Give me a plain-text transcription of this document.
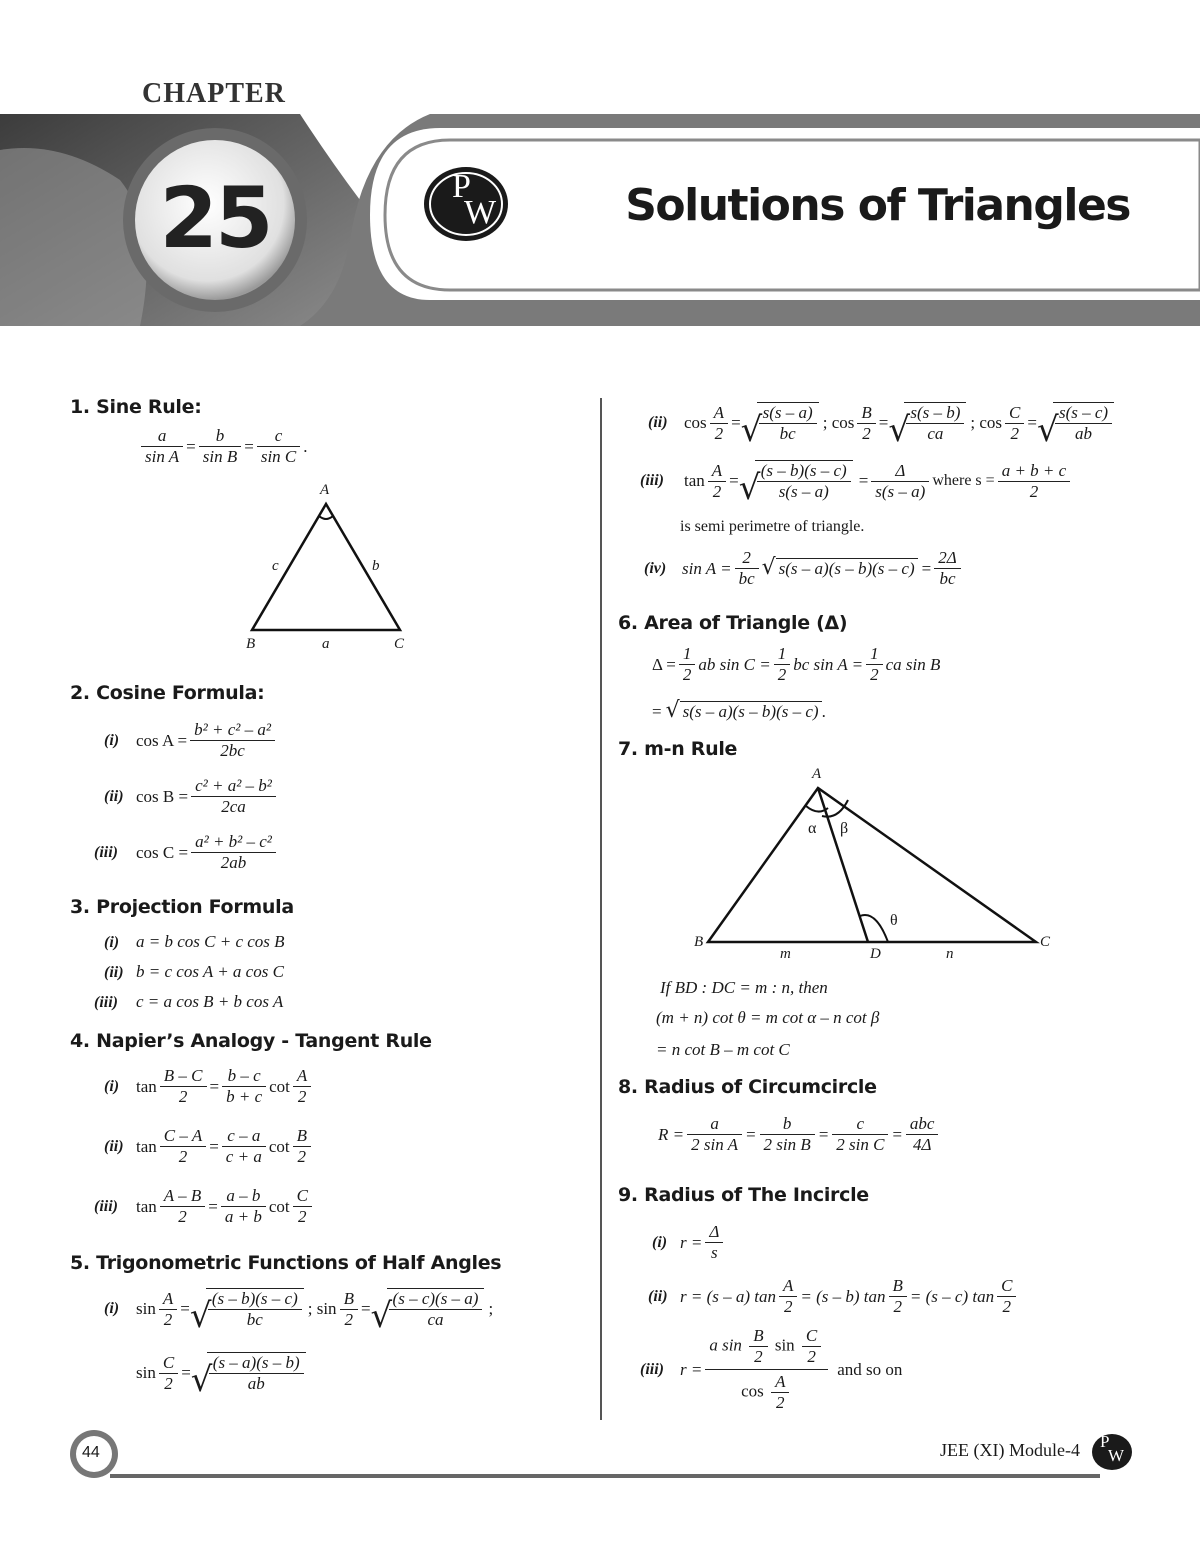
CHAPTER
25	P
W	Solutions of Triangles
1. Sine Rule:
$\frac{a}{\text{sin A}} = \frac{b}{\text{sin B}} = \frac{c}{\text{sin C}}$ .
A
B	C
a
b
c
2. Cosine Formula:
(i) $\cos A = \frac{\text{b² + c² – a²}}{2bc}$
(ii) $\cos B = \frac{\text{c² + a² – b²}}{2ca}$
(iii)	$\cos C = \frac{\text{a² + b² – c²}}{2ab}$
3. Projection Formula
(i) a = b cos C + c cos B
(ii) b = c cos A + a cos C
(iii) c = a cos B + b cos A
4. Napier’s Analogy - Tangent Rule
(i) $\tan \frac{B - C}{2} = \frac{b - c}{b + c}$ $\cot \frac{A}{2}$
(ii) $\tan \frac{C - A}{2} = \frac{c - a}{c + a}$ $\cot \frac{B}{2}$
(iii)	$\tan \frac{A - B}{2} = \frac{a - b}{a + b}$ $\cot \frac{C}{2}$
5. Trigonometric Functions of Half Angles
(i) $\sin \frac{A}{2}$ = √ $\frac{(s - b)(s - c)}{bc}$ ; $\sin \frac{B}{2}$ = √ $\frac{(s - c)(s - a)}{ca}$ ;
$\sin \frac{C}{2}$ = √ $\frac{(s - a)(s - b)}{ab}$
(ii) $\cos \frac{A}{2}$ = √ $\frac{s(s - a)}{bc}$ ; $\cos \frac{B}{2}$ = √ $\frac{s(s - b)}{ca}$ ; $\cos \frac{C}{2}$ = √ $\frac{s(s - c)}{ab}$
(iii)	$\tan \frac{A}{2}$ = √ $\frac{(s - b)(s - c)}{s(s - a)} = \frac{\Delta}{s(s - a)}$ where $s = \frac{a + b + c}{2}$
is semi perimetre of triangle.
(iv) $\sin A = \frac{2}{bc}$	√ $s(s - a)(s - b)(s - c) = \frac{2\Delta}{bc}$
6. Area of Triangle (Δ)
$\Delta = \frac{1}{2}$ ab $\sin C = \frac{1}{2}$ bc $\sin A = \frac{1}{2}$ ca sin B
=	√ s(s – a)(s – b)(s – c) .
7. m-n Rule
A
B	C
D
m	n
α β
θ
If BD : DC = m : n, then
(m + n) cot θ = m cot α – n cot β
= n cot B – m cot C
8. Radius of Circumcircle
$R = \frac{a}{\text{2 sin A}} = \frac{b}{\text{2 sin B}} = \frac{c}{\text{2 sin C}} = \frac{\text{abc}}{4\Delta}$
9. Radius of The Incircle
(i) $r = \frac{\Delta}{s}$
(ii) r = (s – a) $\tan \frac{A}{2} = (s - b)$ $\tan \frac{B}{2} = (s - c)$ $\tan \frac{C}{2}$
(iii) $r = \frac{a \sin \frac{B}{2} \sin \frac{C}{2}}{\cos \frac{A}{2}}$ and so on
44	JEE (XI) Module-4 P
W
